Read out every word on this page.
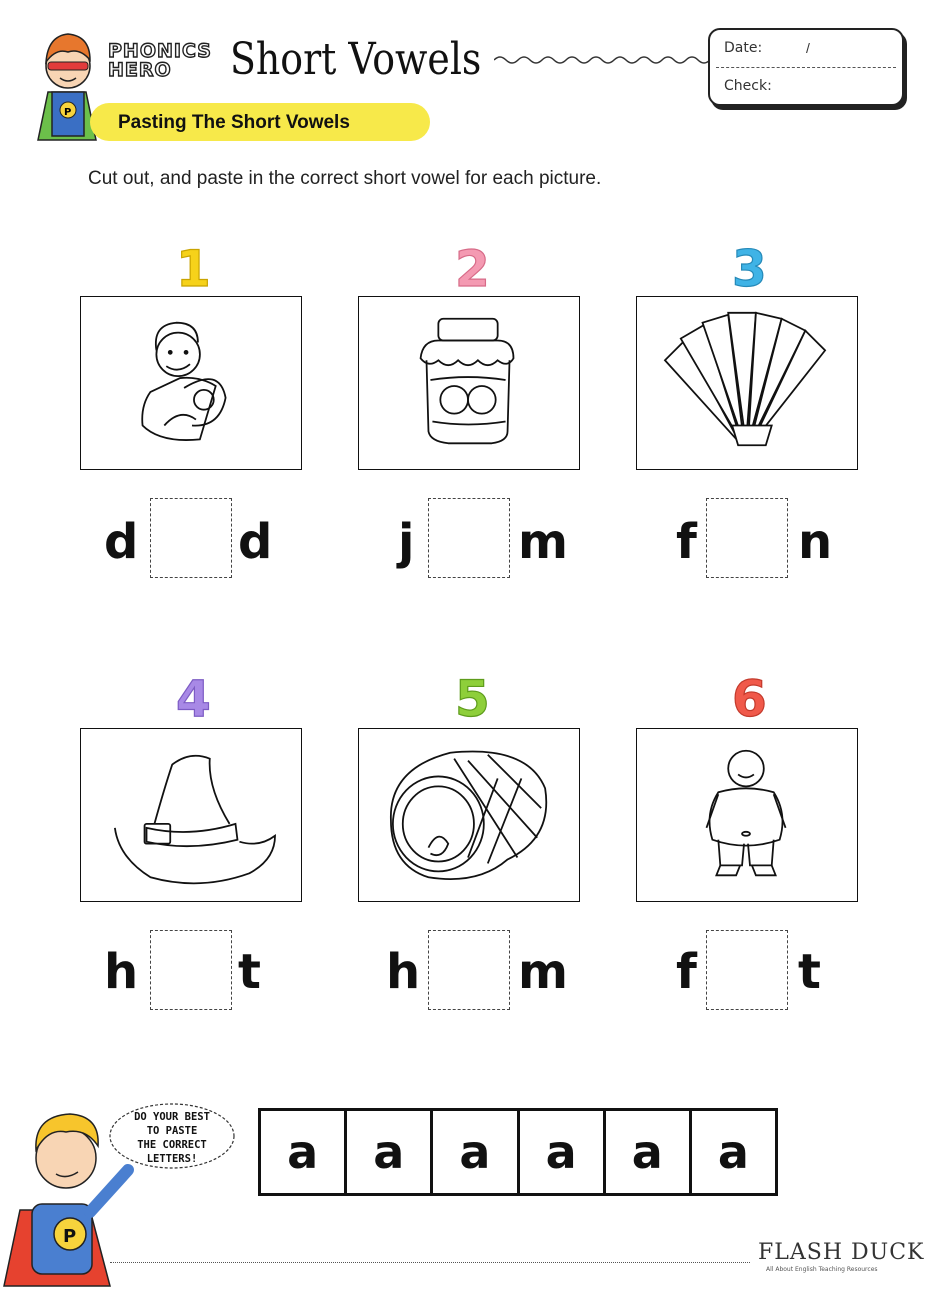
P
PHONICS
HERO	Short Vowels	Date:	/
Check:
Pasting The Short Vowels
Cut out, and paste in the correct short vowel for each picture.
1
d d
2
j m
3
f n
4
h t
5
h m
6
f t
P
DO YOUR BEST
TO PASTE
THE CORRECT LETTERS!	a	a	a	a	a	a
FLASH DUCK
All About English Teaching Resources
